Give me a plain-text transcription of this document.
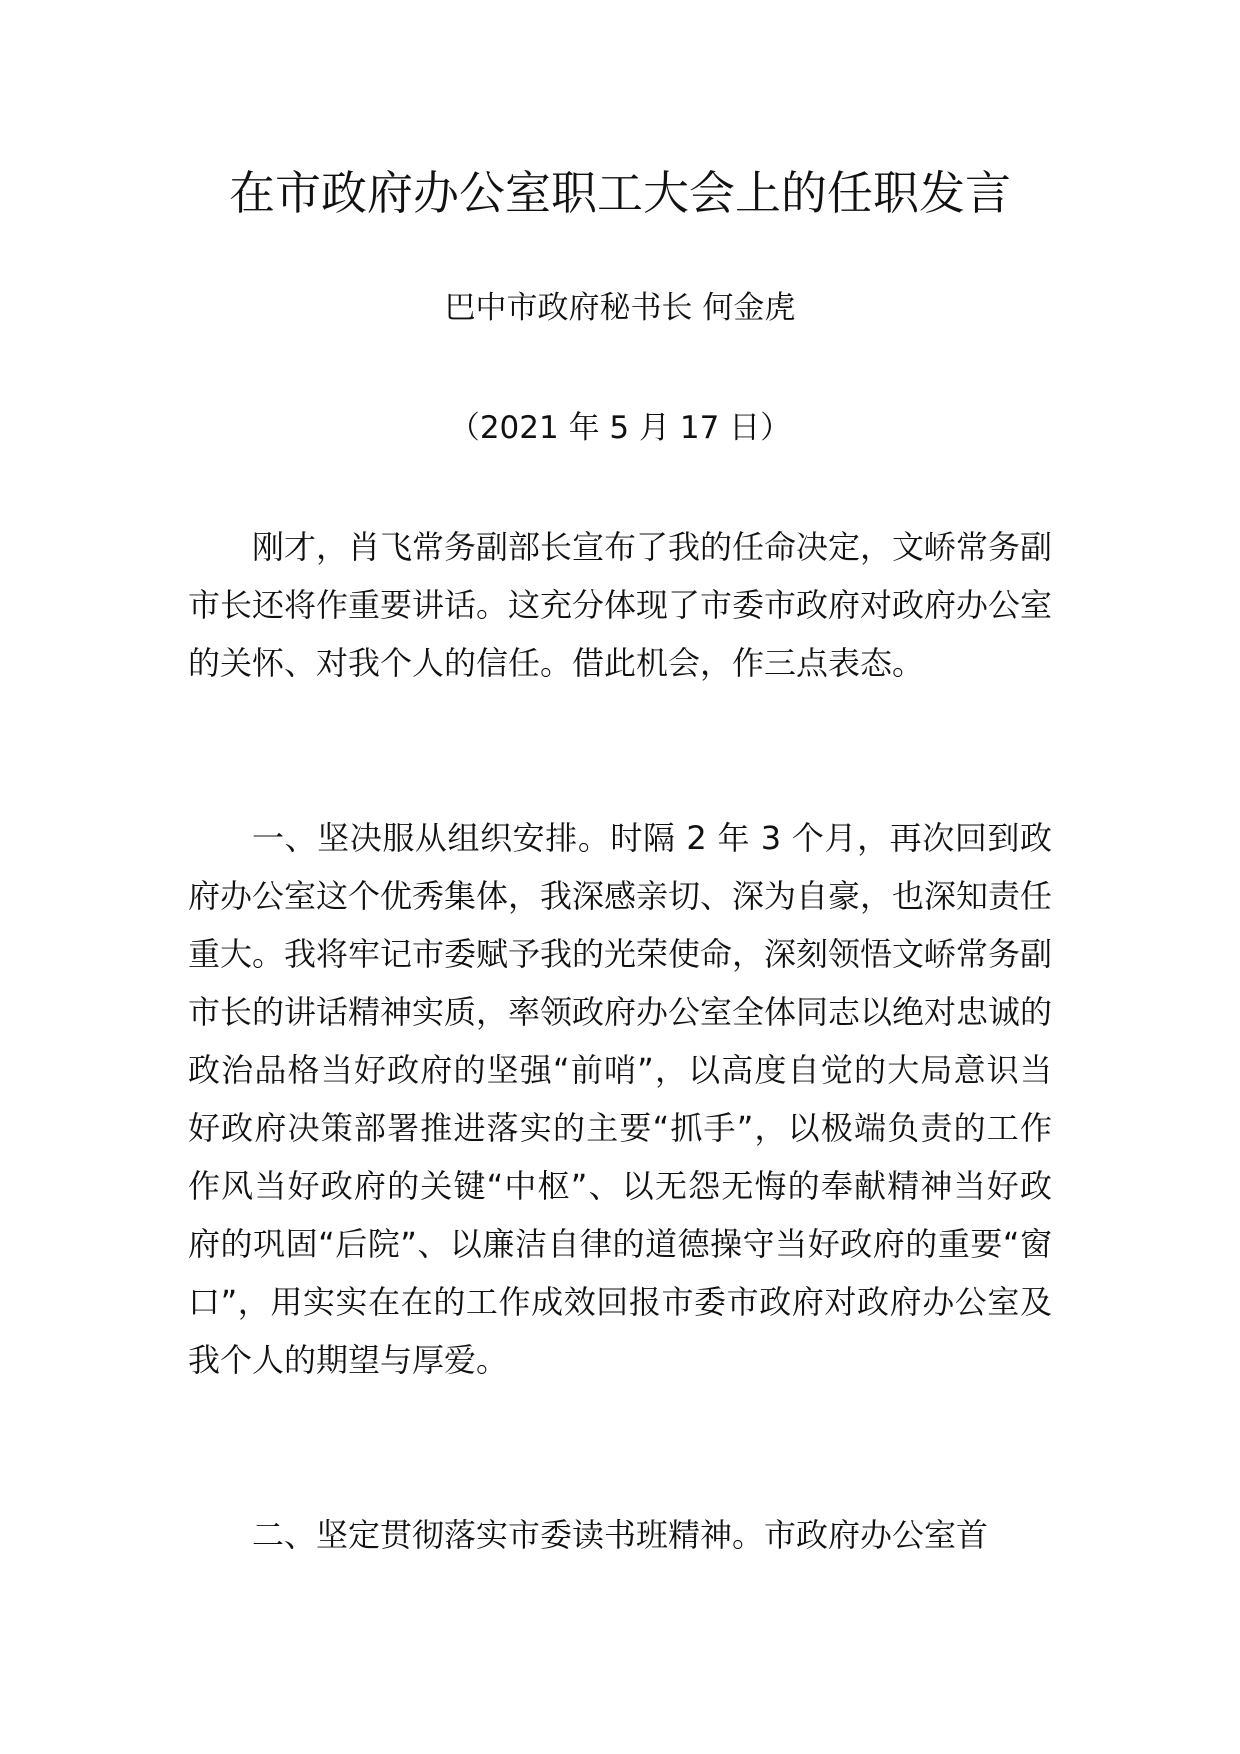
在市政府办公室职工大会上的任职发言

巴中市政府秘书长 何金虎

（2021 年 5 月 17 日）

刚才，肖飞常务副部长宣布了我的任命决定，文峤常务副市长还将作重要讲话。这充分体现了市委市政府对政府办公室的关怀、对我个人的信任。借此机会，作三点表态。

一、坚决服从组织安排。时隔 2 年 3 个月，再次回到政府办公室这个优秀集体，我深感亲切、深为自豪，也深知责任重大。我将牢记市委赋予我的光荣使命，深刻领悟文峤常务副市长的讲话精神实质，率领政府办公室全体同志以绝对忠诚的政治品格当好政府的坚强“前哨”，以高度自觉的大局意识当好政府决策部署推进落实的主要“抓手”，以极端负责的工作作风当好政府的关键“中枢”、以无怨无悔的奉献精神当好政府的巩固“后院”、以廉洁自律的道德操守当好政府的重要“窗口”，用实实在在的工作成效回报市委市政府对政府办公室及我个人的期望与厚爱。

二、坚定贯彻落实市委读书班精神。市政府办公室首
